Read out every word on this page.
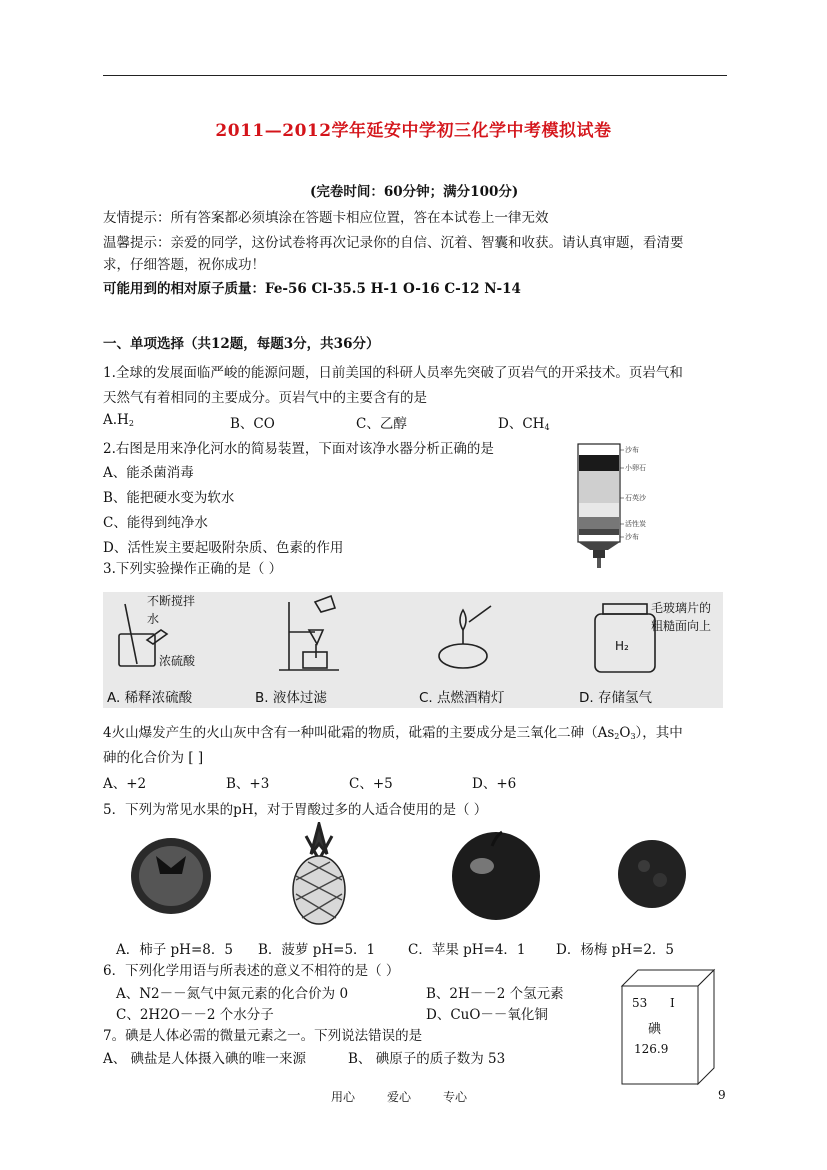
2011—2012学年延安中学初三化学中考模拟试卷
(完卷时间：60分钟；满分100分)
友情提示：所有答案都必须填涂在答题卡相应位置，答在本试卷上一律无效
温馨提示：亲爱的同学，这份试卷将再次记录你的自信、沉着、智囊和收获。请认真审题，看清要
求，仔细答题，祝你成功！
可能用到的相对原子质量：Fe-56 Cl-35.5 H-1 O-16 C-12 N-14
一、单项选择（共12题，每题3分，共36分）
1.全球的发展面临严峻的能源问题，日前美国的科研人员率先突破了页岩气的开采技术。页岩气和
天然气有着相同的主要成分。页岩气中的主要含有的是
$A.H_2$	B、CO	C、乙醇	D、$CH_4$
2.右图是用来净化河水的简易装置，下面对该净水器分析正确的是
A、能杀菌消毒
B、能把硬水变为软水
C、能得到纯净水
D、活性炭主要起吸附杂质、色素的作用
沙布
小卵石
石英沙
活性炭
沙布
3.下列实验操作正确的是（ ）
不断搅拌
水
浓硫酸
H₂
毛玻璃片的
粗糙面向上
A. 稀释浓硫酸	B. 液体过滤	C. 点燃酒精灯	D. 存储氢气
4火山爆发产生的火山灰中含有一种叫砒霜的物质，砒霜的主要成分是三氧化二砷$(As_2O_3)$，其中
砷的化合价为 [ ]
A、+2	B、+3	C、+5	D、+6
5．下列为常见水果的pH，对于胃酸过多的人适合使用的是（ ）
A．柿子 pH=8．5 B．菠萝 pH=5．1 C．苹果 pH=4．1 D．杨梅 pH=2．5
6．下列化学用语与所表述的意义不相符的是（ ）
A、N2－－氮气中氮元素的化合价为 0	B、2H－－2 个氢元素
C、2H2O－－2 个水分子	D、CuO－－氧化铜
7。碘是人体必需的微量元素之一。下列说法错误的是
A、 碘盐是人体摄入碘的唯一来源	B、 碘原子的质子数为 53
53 I
碘
126.9
用心	爱心	专心	9
